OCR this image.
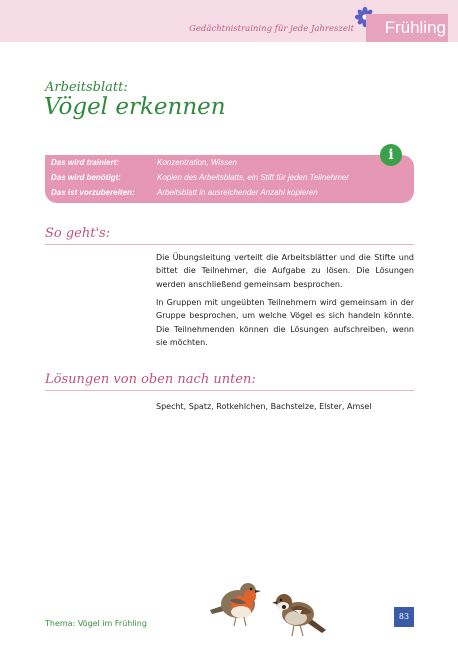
Gedächtnistraining für jede Jahreszeit Frühling
Arbeitsblatt:
Vögel erkennen
Das wird trainiert:	Konzentration, Wissen
Das wird benötigt:	Kopien des Arbeitsblatts, ein Stift für jeden Teilnehmer
Das ist vorzubereiten:	Arbeitsblatt in ausreichender Anzahl kopieren
i
So geht's:

Die Übungsleitung verteilt die Arbeitsblätter und die Stifte und bittet die Teilnehmer, die Aufgabe zu lösen. Die Lösungen werden anschließend gemeinsam besprochen.

In Gruppen mit ungeübten Teilnehmern wird gemeinsam in der Gruppe besprochen, um welche Vögel es sich handeln könnte. Die Teilnehmenden können die Lösungen aufschreiben, wenn sie möchten.

Lösungen von oben nach unten:

Specht, Spatz, Rotkehlchen, Bachstelze, Elster, Amsel

Thema: Vögel im Frühling
83
